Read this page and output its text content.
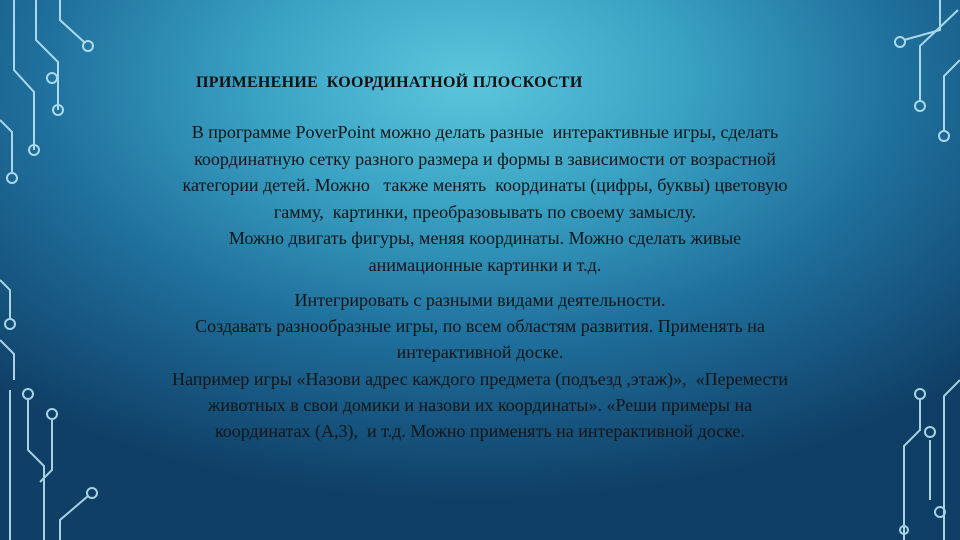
ПРИМЕНЕНИЕ  КООРДИНАТНОЙ ПЛОСКОСТИ
В программе PoverPoint можно делать разные  интерактивные игры, сделать
координатную сетку разного размера и формы в зависимости от возрастной
категории детей. Можно   также менять  координаты (цифры, буквы) цветовую
гамму,  картинки, преобразовывать по своему замыслу.
Можно двигать фигуры, меняя координаты. Можно сделать живые
анимационные картинки и т.д.
Интегрировать с разными видами деятельности.
Создавать разнообразные игры, по всем областям развития. Применять на
интерактивной доске.
Например игры «Назови адрес каждого предмета (подъезд ,этаж)»,  «Перемести
животных в свои домики и назови их координаты». «Реши примеры на
координатах (А,3),  и т.д. Можно применять на интерактивной доске.
